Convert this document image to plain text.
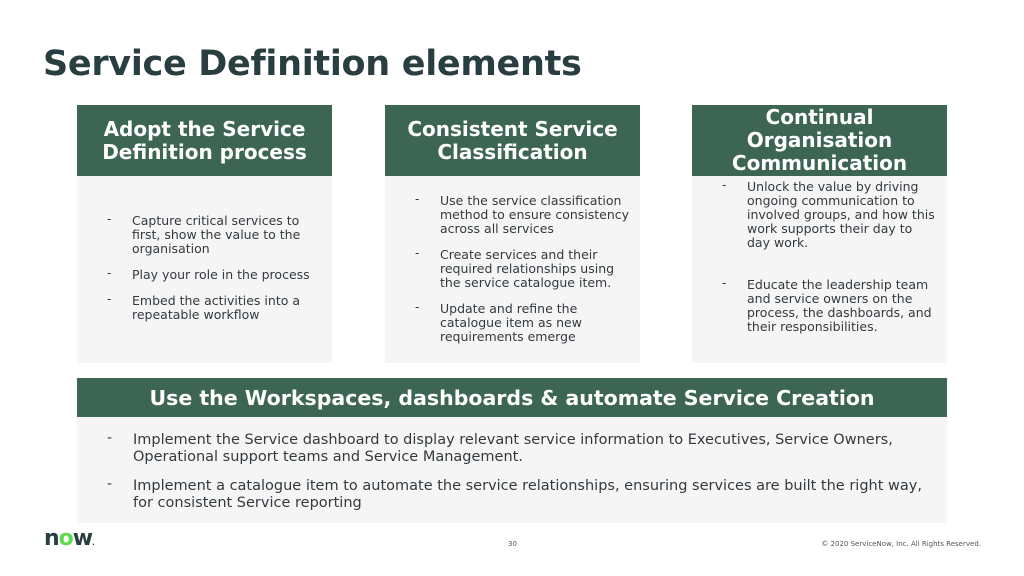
Service Definition elements
Adopt the Service Definition process
- Capture critical services to first, show the value to the organisation
- Play your role in the process
- Embed the activities into a repeatable workflow
Consistent Service Classification
- Use the service classification method to ensure consistency across all services
- Create services and their required relationships using the service catalogue item.
- Update and refine the catalogue item as new requirements emerge
Continual Organisation Communication
- Unlock the value by driving ongoing communication to involved groups, and how this work supports their day to day work.
- Educate the leadership team and service owners on the process, the dashboards, and their responsibilities.
Use the Workspaces, dashboards & automate Service Creation
- Implement the Service dashboard to display relevant service information to Executives, Service Owners, Operational support teams and Service Management.
- Implement a catalogue item to automate the service relationships, ensuring services are built the right way, for consistent Service reporting
now.	30	© 2020 ServiceNow, Inc. All Rights Reserved.
